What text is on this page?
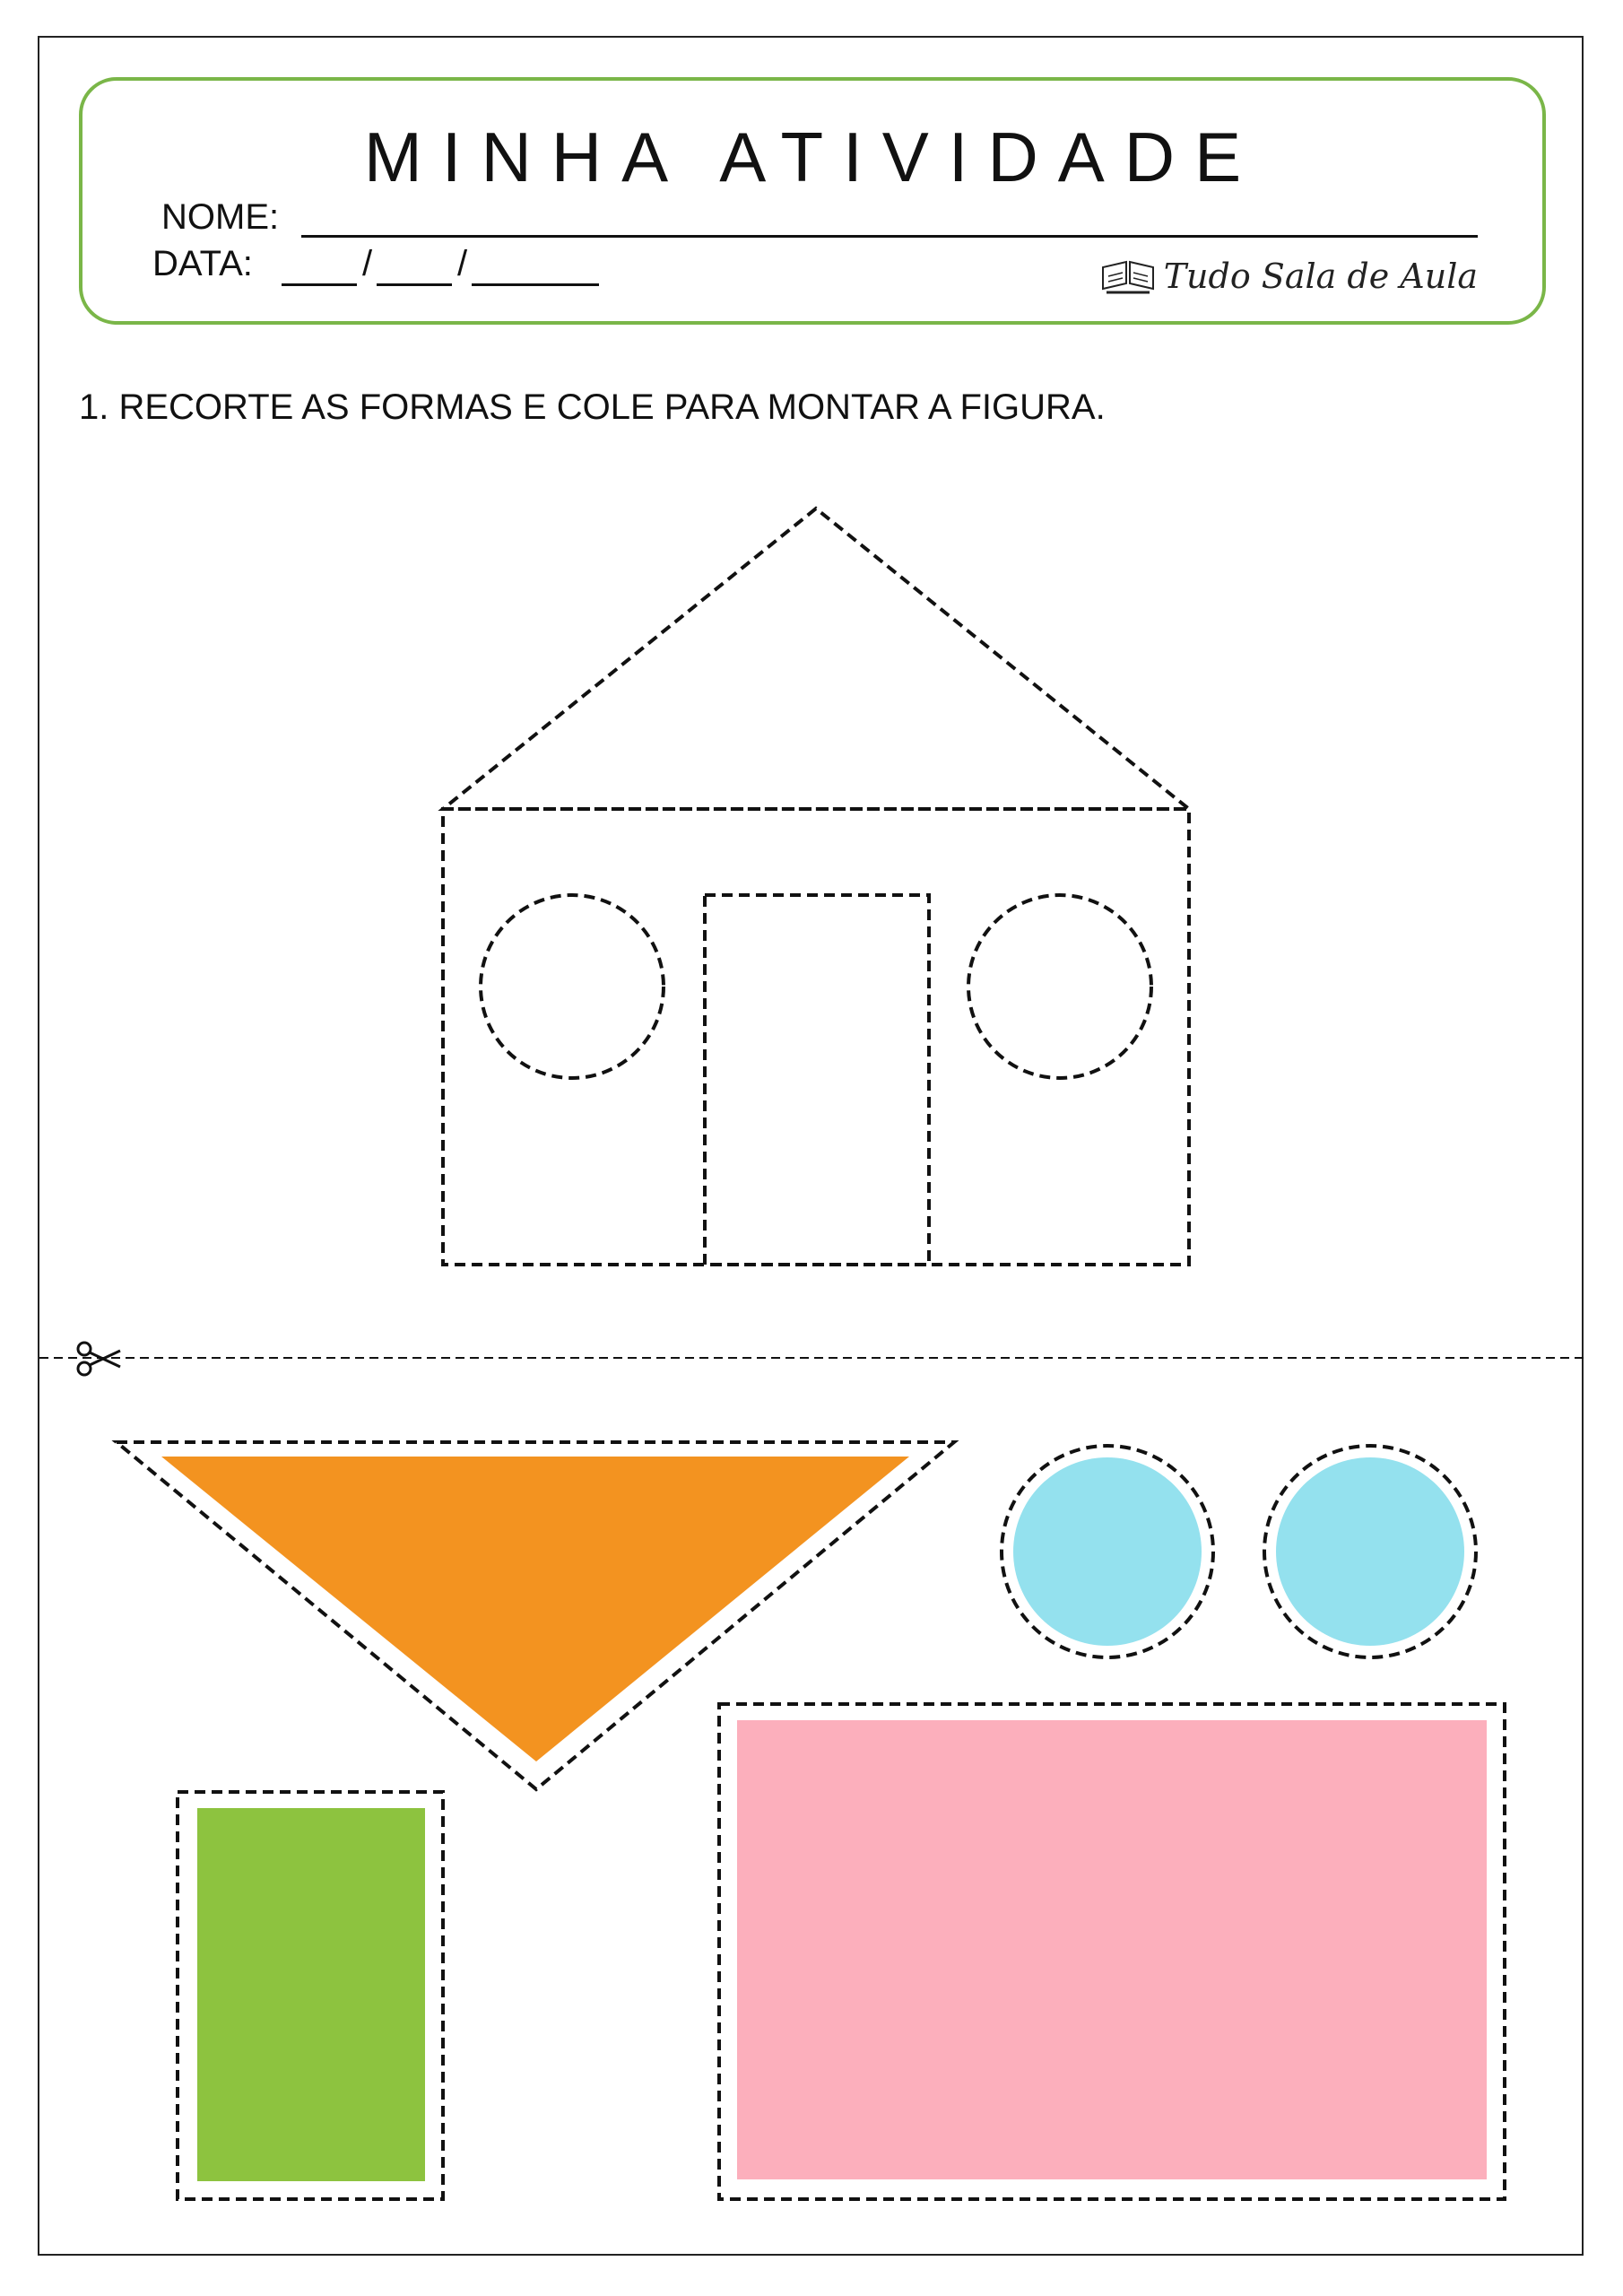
MINHA ATIVIDADE
NOME:
DATA:	/ /	Tudo Sala de Aula
1. RECORTE AS FORMAS E COLE PARA MONTAR A FIGURA.
